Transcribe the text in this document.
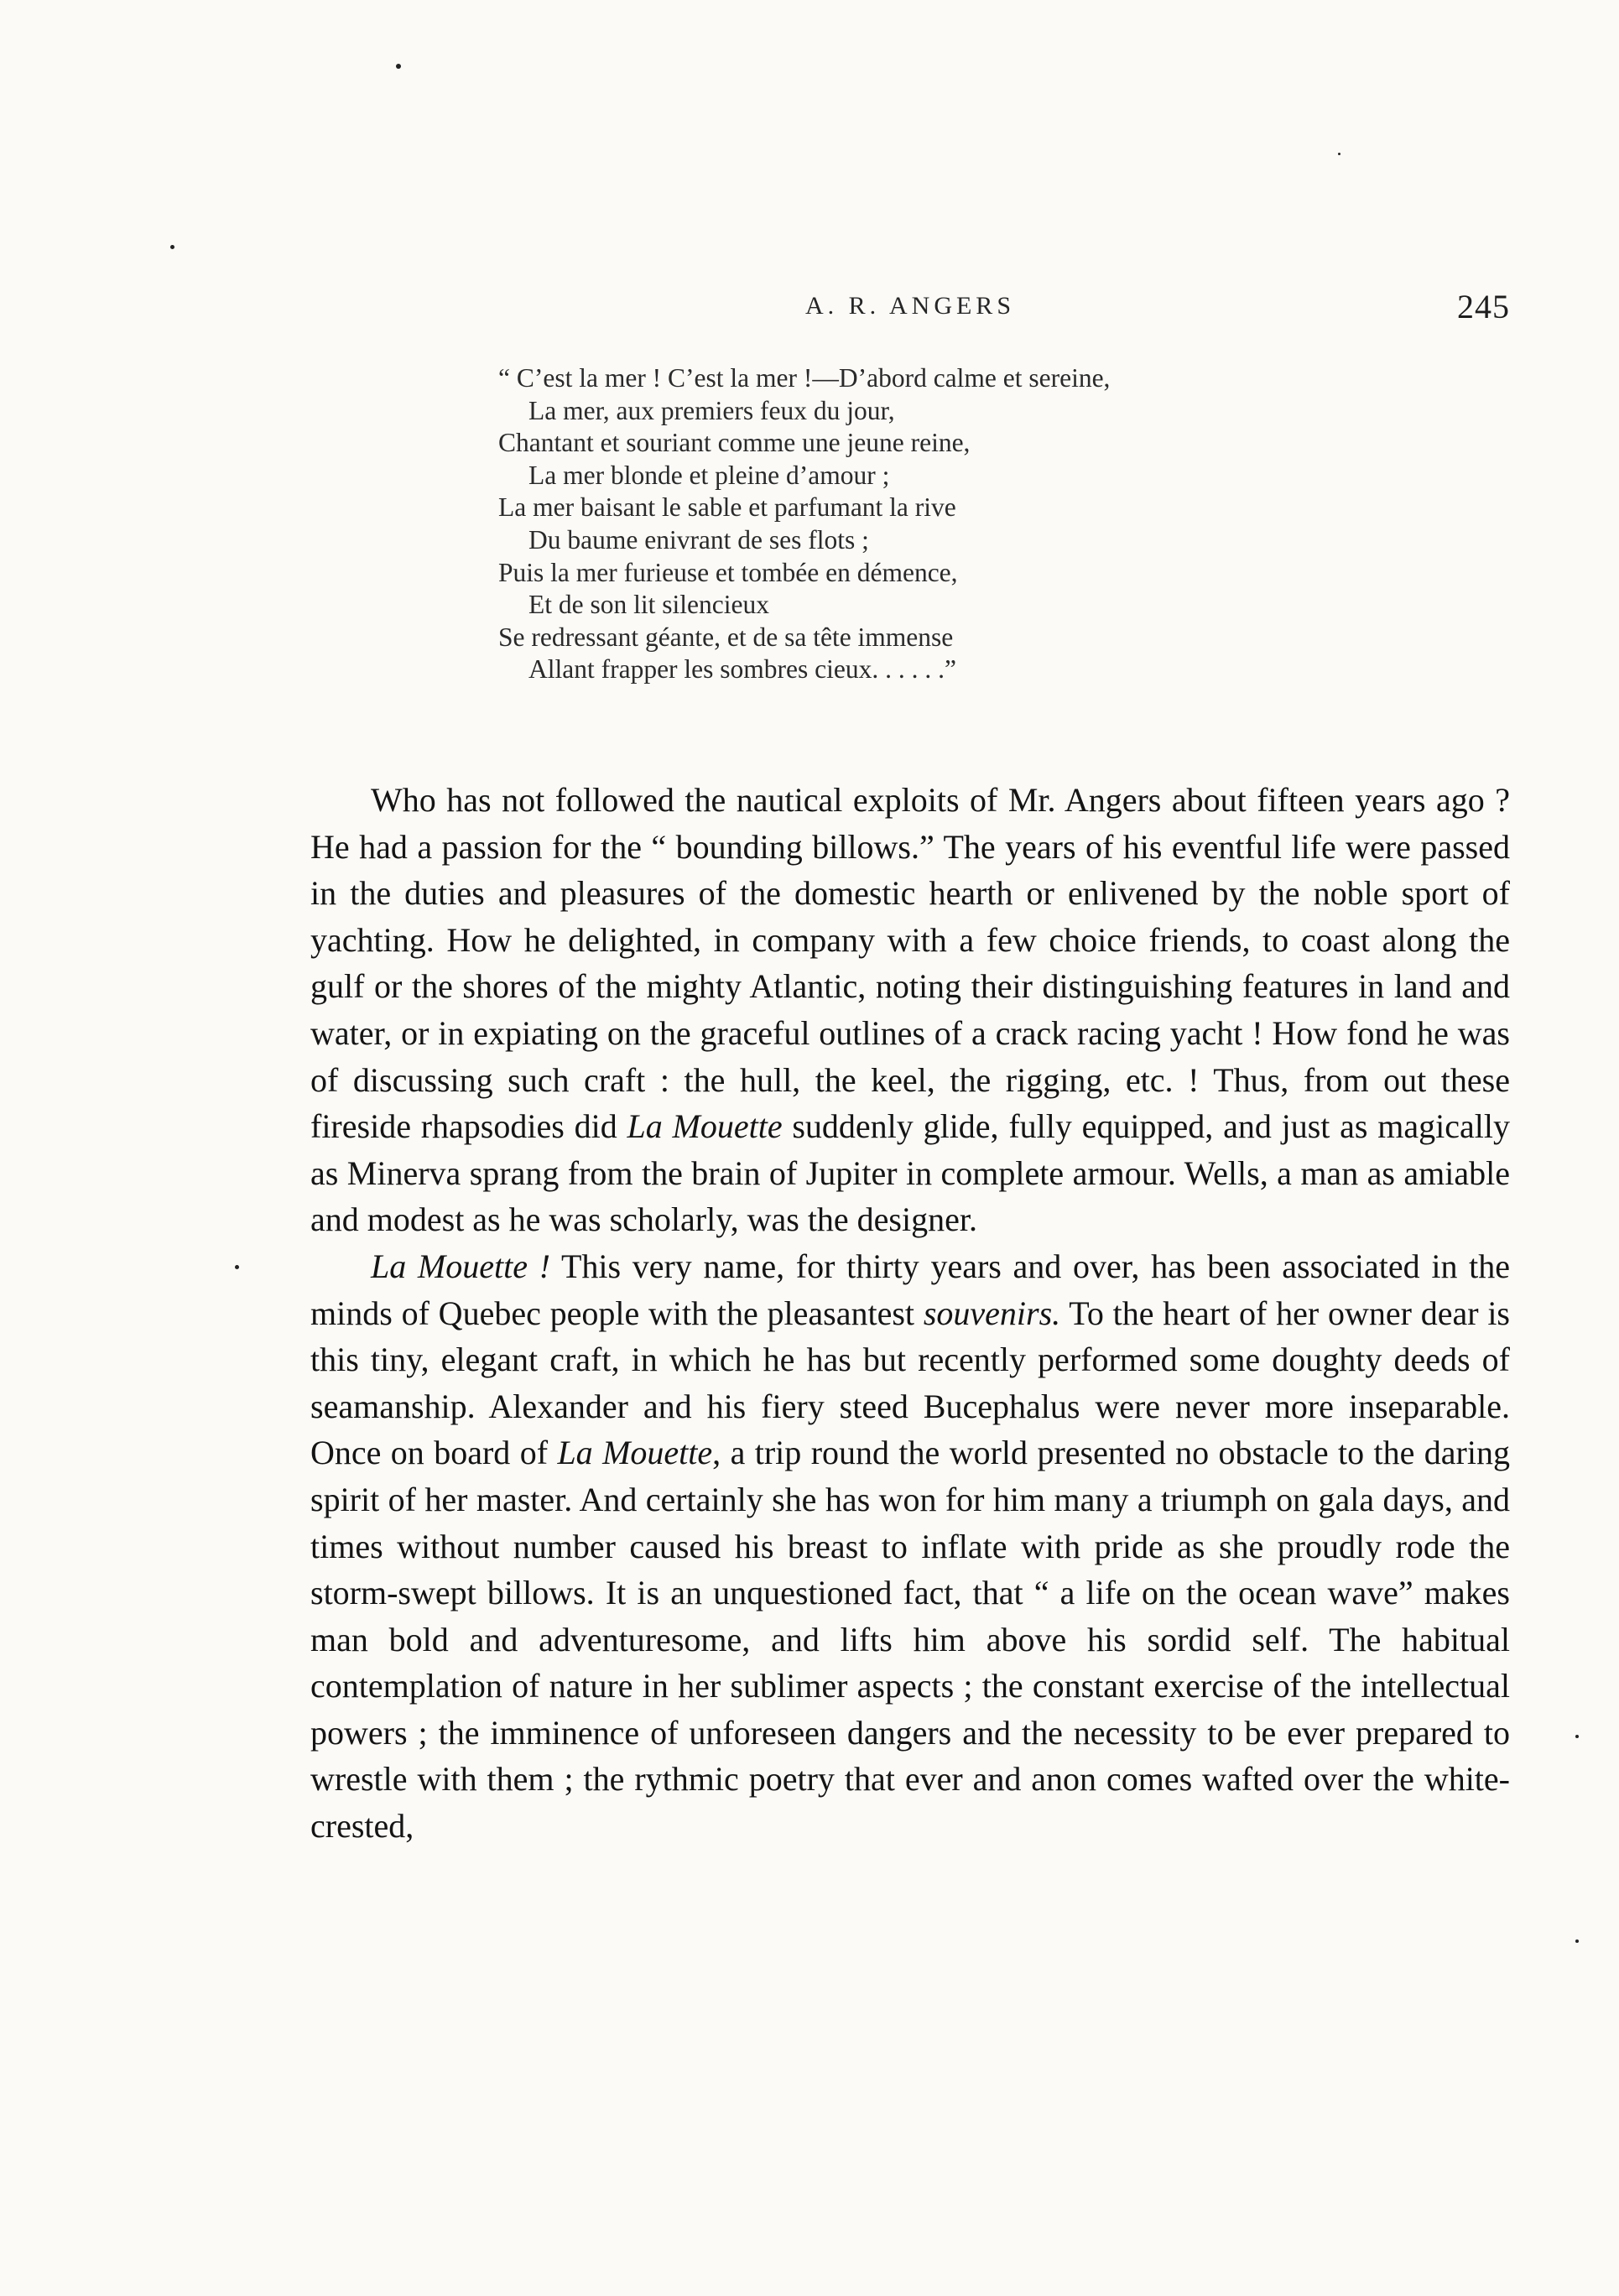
A. R. ANGERS	245
“ C’est la mer ! C’est la mer !—D’abord calme et sereine,
La mer, aux premiers feux du jour,
Chantant et souriant comme une jeune reine,
La mer blonde et pleine d’amour ;
La mer baisant le sable et parfumant la rive
Du baume enivrant de ses flots ;
Puis la mer furieuse et tombée en démence,
Et de son lit silencieux
Se redressant géante, et de sa tête immense
Allant frapper les sombres cieux. . . . . .”

Who has not followed the nautical exploits of Mr. Angers about fifteen years ago ? He had a passion for the “ bounding billows.” The years of his eventful life were passed in the duties and pleasures of the domestic hearth or enlivened by the noble sport of yachting. How he delighted, in company with a few choice friends, to coast along the gulf or the shores of the mighty Atlantic, noting their distinguishing features in land and water, or in expiating on the graceful outlines of a crack racing yacht ! How fond he was of discussing such craft : the hull, the keel, the rigging, etc. ! Thus, from out these fireside rhapsodies did La Mouette suddenly glide, fully equipped, and just as magically as Minerva sprang from the brain of Jupiter in complete armour. Wells, a man as amiable and modest as he was scholarly, was the designer.

La Mouette ! This very name, for thirty years and over, has been associated in the minds of Quebec people with the pleasantest souvenirs. To the heart of her owner dear is this tiny, elegant craft, in which he has but recently performed some doughty deeds of seamanship. Alexander and his fiery steed Bucephalus were never more inseparable. Once on board of La Mouette, a trip round the world presented no obstacle to the daring spirit of her master. And certainly she has won for him many a triumph on gala days, and times without number caused his breast to inflate with pride as she proudly rode the storm-swept billows. It is an unquestioned fact, that “ a life on the ocean wave” makes man bold and adventuresome, and lifts him above his sordid self. The habitual contemplation of nature in her sublimer aspects ; the constant exercise of the intellectual powers ; the imminence of unforeseen dangers and the necessity to be ever prepared to wrestle with them ; the rythmic poetry that ever and anon comes wafted over the white-crested,
